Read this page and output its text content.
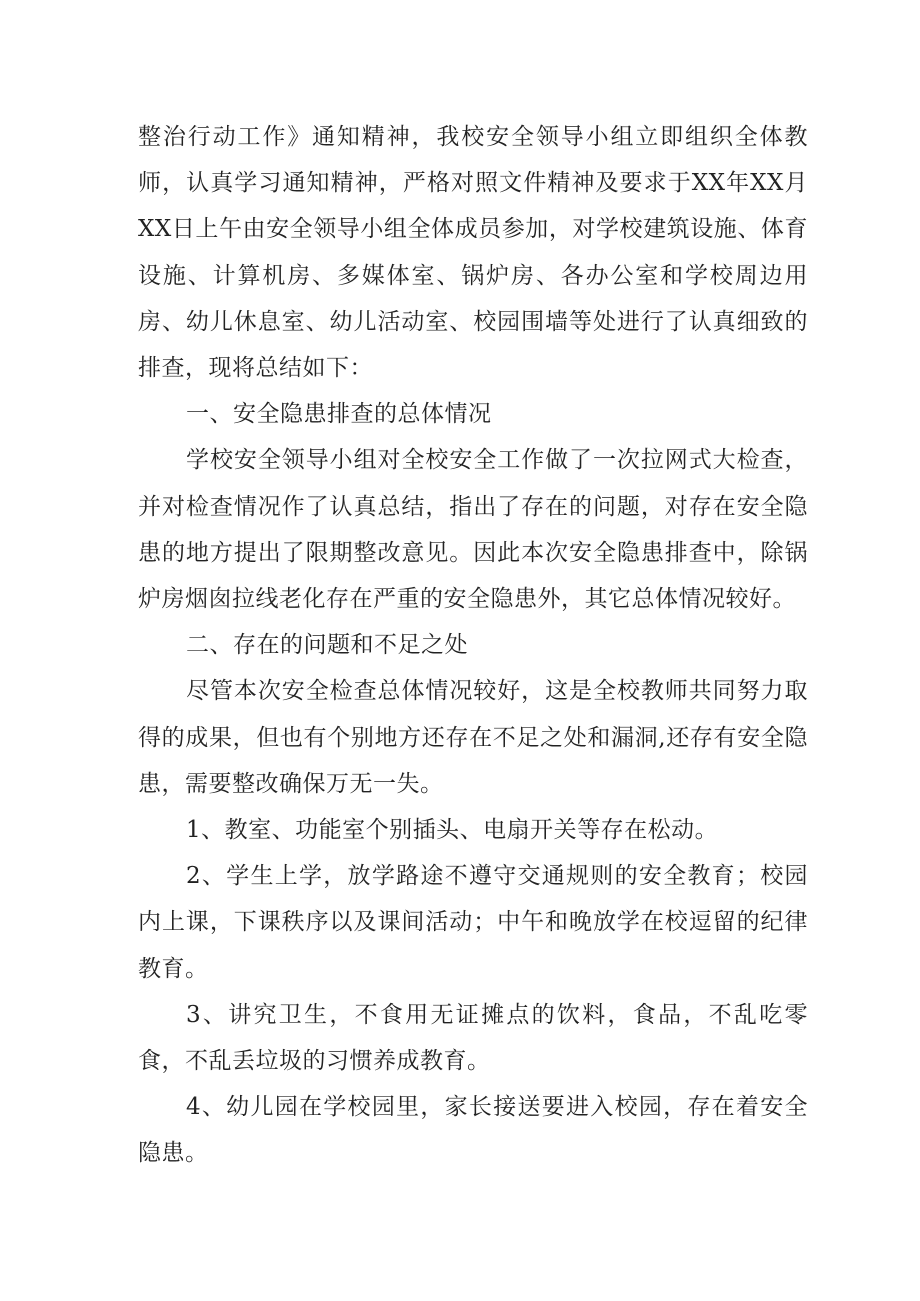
整治行动工作》通知精神，我校安全领导小组立即组织全体教师，认真学习通知精神，严格对照文件精神及要求于XX年XX月XX日上午由安全领导小组全体成员参加，对学校建筑设施、体育设施、计算机房、多媒体室、锅炉房、各办公室和学校周边用房、幼儿休息室、幼儿活动室、校园围墙等处进行了认真细致的排查，现将总结如下：

一、安全隐患排查的总体情况

学校安全领导小组对全校安全工作做了一次拉网式大检查，并对检查情况作了认真总结，指出了存在的问题，对存在安全隐患的地方提出了限期整改意见。因此本次安全隐患排查中，除锅炉房烟囱拉线老化存在严重的安全隐患外，其它总体情况较好。

二、存在的问题和不足之处

尽管本次安全检查总体情况较好，这是全校教师共同努力取得的成果，但也有个别地方还存在不足之处和漏洞,还存有安全隐患，需要整改确保万无一失。

1、教室、功能室个别插头、电扇开关等存在松动。

2、学生上学，放学路途不遵守交通规则的安全教育；校园内上课，下课秩序以及课间活动；中午和晚放学在校逗留的纪律教育。

3、讲究卫生，不食用无证摊点的饮料，食品，不乱吃零食，不乱丢垃圾的习惯养成教育。

4、幼儿园在学校园里，家长接送要进入校园，存在着安全隐患。
